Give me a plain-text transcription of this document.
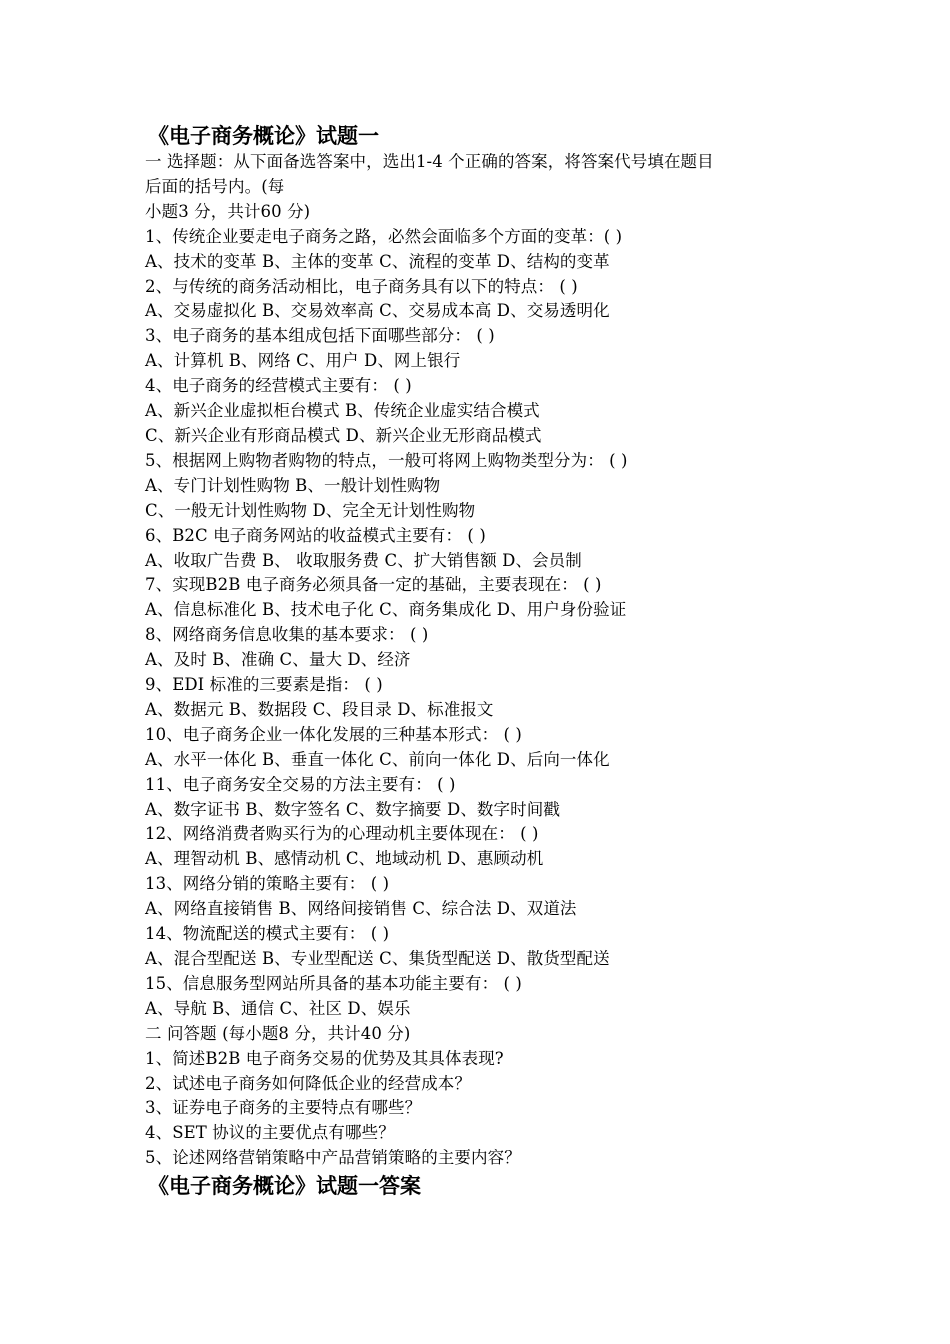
《电子商务概论》试题一
一 选择题：从下面备选答案中，选出1-4 个正确的答案，将答案代号填在题目
后面的括号内。(每
小题3 分，共计60 分)
1、传统企业要走电子商务之路，必然会面临多个方面的变革：( )
A、技术的变革 B、主体的变革 C、流程的变革 D、结构的变革
2、与传统的商务活动相比，电子商务具有以下的特点： ( )
A、交易虚拟化 B、交易效率高 C、交易成本高 D、交易透明化
3、电子商务的基本组成包括下面哪些部分： ( )
A、计算机 B、网络 C、用户 D、网上银行
4、电子商务的经营模式主要有： ( )
A、新兴企业虚拟柜台模式 B、传统企业虚实结合模式
C、新兴企业有形商品模式 D、新兴企业无形商品模式
5、根据网上购物者购物的特点，一般可将网上购物类型分为： ( )
A、专门计划性购物 B、一般计划性购物
C、一般无计划性购物 D、完全无计划性购物
6、B2C 电子商务网站的收益模式主要有： ( )
A、收取广告费 B、 收取服务费 C、扩大销售额 D、会员制
7、实现B2B 电子商务必须具备一定的基础，主要表现在： ( )
A、信息标准化 B、技术电子化 C、商务集成化 D、用户身份验证
8、网络商务信息收集的基本要求： ( )
A、及时 B、准确 C、量大 D、经济
9、EDI 标准的三要素是指： ( )
A、数据元 B、数据段 C、段目录 D、标准报文
10、电子商务企业一体化发展的三种基本形式： ( )
A、水平一体化 B、垂直一体化 C、前向一体化 D、后向一体化
11、电子商务安全交易的方法主要有： ( )
A、数字证书 B、数字签名 C、数字摘要 D、数字时间戳
12、网络消费者购买行为的心理动机主要体现在： ( )
A、理智动机 B、感情动机 C、地域动机 D、惠顾动机
13、网络分销的策略主要有： ( )
A、网络直接销售 B、网络间接销售 C、综合法 D、双道法
14、物流配送的模式主要有： ( )
A、混合型配送 B、专业型配送 C、集货型配送 D、散货型配送
15、信息服务型网站所具备的基本功能主要有： ( )
A、导航 B、通信 C、社区 D、娱乐
二 问答题 (每小题8 分，共计40 分)
1、简述B2B 电子商务交易的优势及其具体表现?
2、试述电子商务如何降低企业的经营成本？
3、证券电子商务的主要特点有哪些？
4、SET 协议的主要优点有哪些？
5、论述网络营销策略中产品营销策略的主要内容？
《电子商务概论》试题一答案
